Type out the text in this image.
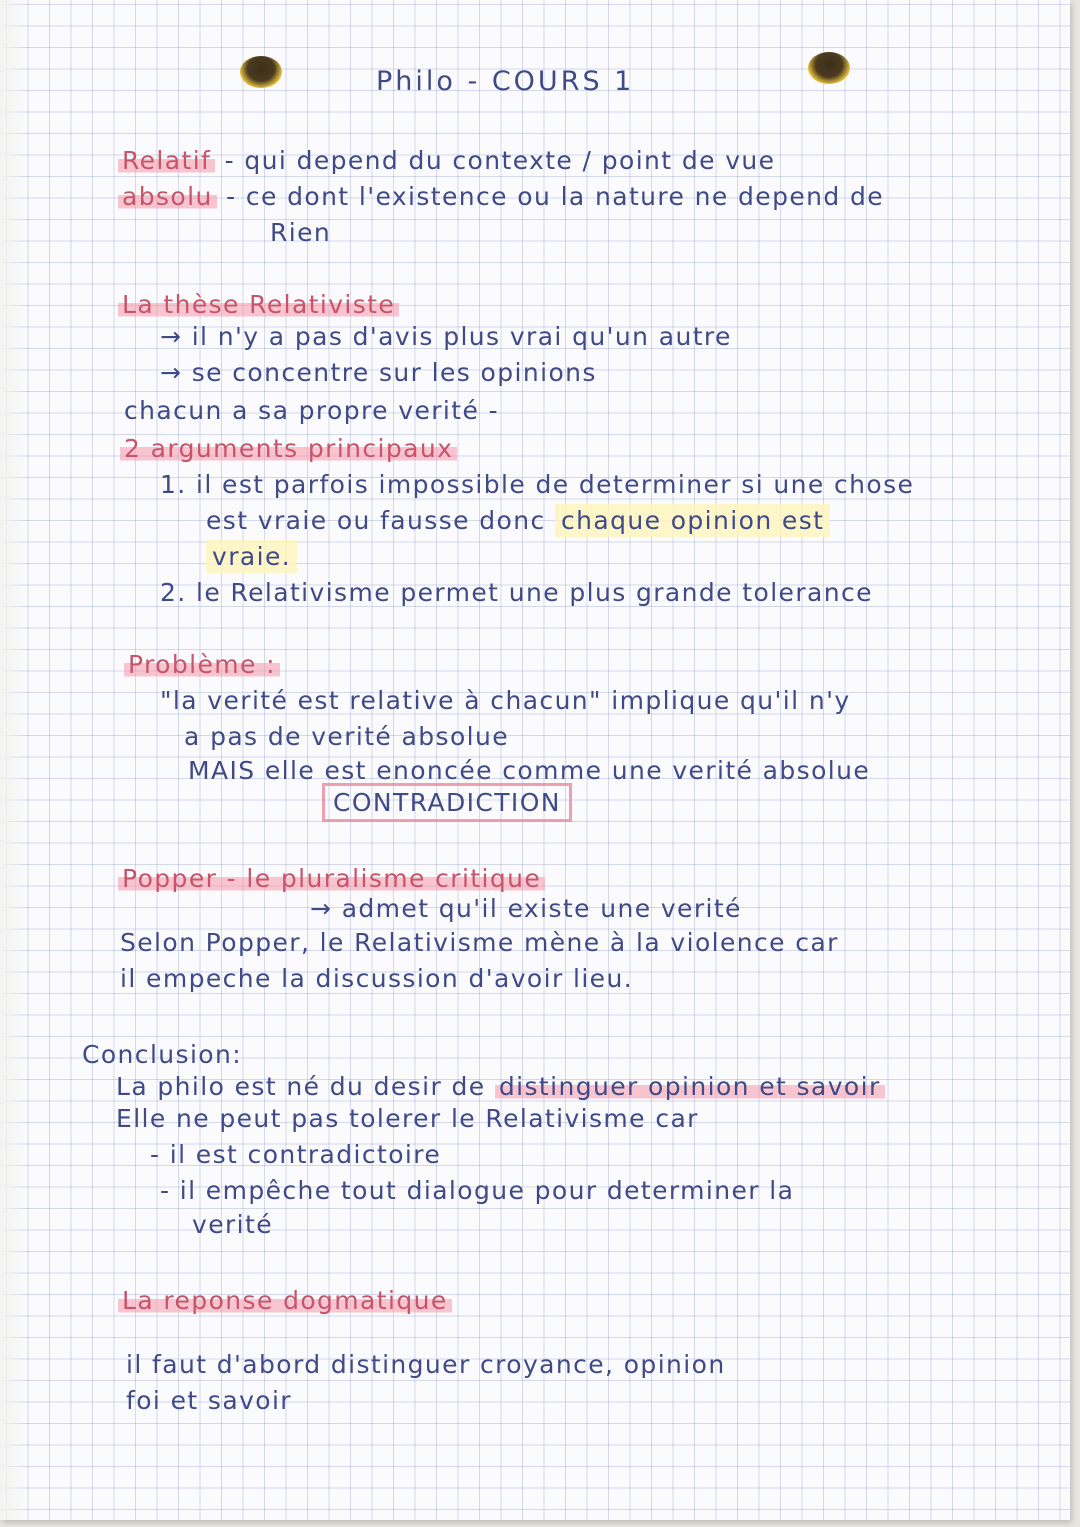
Philo - COURS 1

Relatif - qui depend du contexte / point de vue

absolu - ce dont l'existence ou la nature ne depend de

Rien

La thèse Relativiste

→ il n'y a pas d'avis plus vrai qu'un autre

→ se concentre sur les opinions

chacun a sa propre verité -

2 arguments principaux

1. il est parfois impossible de determiner si une chose

est vraie ou fausse donc chaque opinion est

vraie.

2. le Relativisme permet une plus grande tolerance

Problème :

"la verité est relative à chacun" implique qu'il n'y

a pas de verité absolue

MAIS elle est enoncée comme une verité absolue

CONTRADICTION

Popper - le pluralisme critique

→ admet qu'il existe une verité

Selon Popper, le Relativisme mène à la violence car

il empeche la discussion d'avoir lieu.

Conclusion:

La philo est né du desir de distinguer opinion et savoir

Elle ne peut pas tolerer le Relativisme car

- il est contradictoire

- il empêche tout dialogue pour determiner la

verité

La reponse dogmatique

il faut d'abord distinguer croyance, opinion

foi et savoir
